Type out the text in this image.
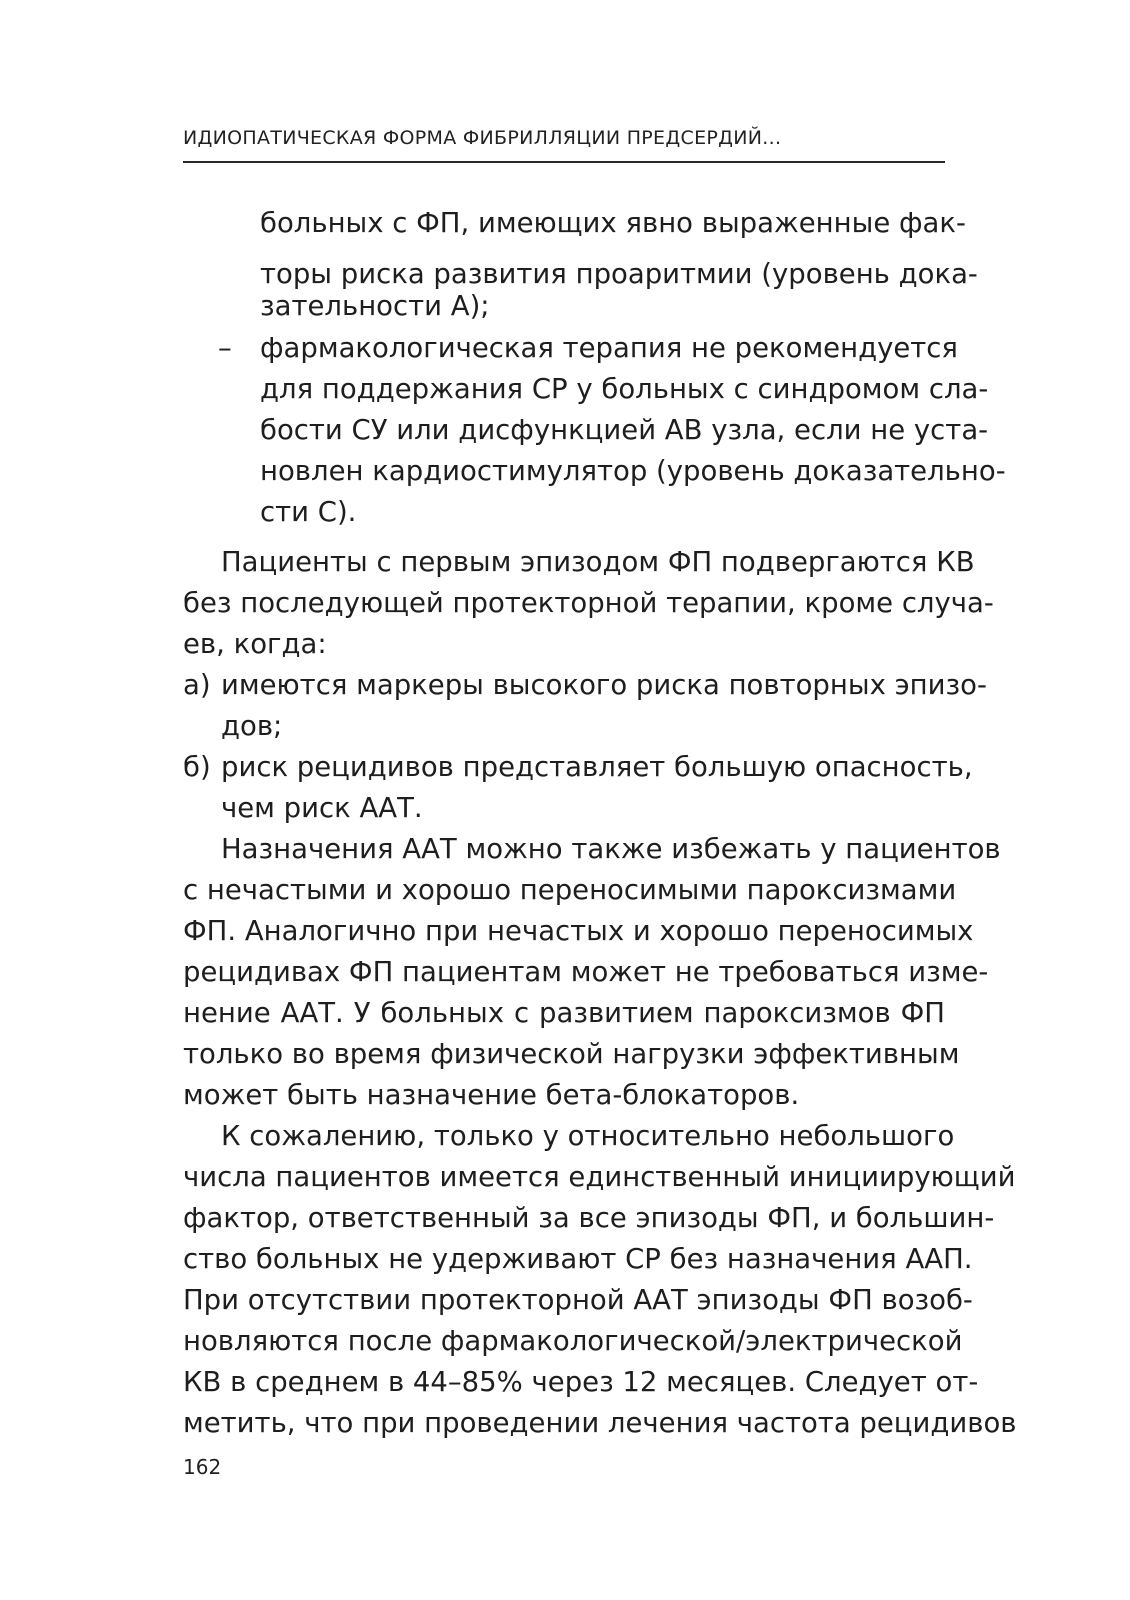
ИДИОПАТИЧЕСКАЯ ФОРМА ФИБРИЛЛЯЦИИ ПРЕДСЕРДИЙ...
больных с ФП, имеющих явно выраженные фак-
торы риска развития проаритмии (уровень дока-
зательности А);
– фармакологическая терапия не рекомендуется
для поддержания СР у больных с синдромом сла-
бости СУ или дисфункцией АВ узла, если не уста-
новлен кардиостимулятор (уровень доказательно-
сти С).
Пациенты с первым эпизодом ФП подвергаются КВ
без последующей протекторной терапии, кроме случа-
ев, когда:
а) имеются маркеры высокого риска повторных эпизо-
дов;
б) риск рецидивов представляет большую опасность,
чем риск ААТ.
Назначения ААТ можно также избежать у пациентов
с нечастыми и хорошо переносимыми пароксизмами
ФП. Аналогично при нечастых и хорошо переносимых
рецидивах ФП пациентам может не требоваться изме-
нение ААТ. У больных с развитием пароксизмов ФП
только во время физической нагрузки эффективным
может быть назначение бета-блокаторов.
К сожалению, только у относительно небольшого
числа пациентов имеется единственный инициирующий
фактор, ответственный за все эпизоды ФП, и большин-
ство больных не удерживают СР без назначения ААП.
При отсутствии протекторной ААТ эпизоды ФП возоб-
новляются после фармакологической/электрической
КВ в среднем в 44–85% через 12 месяцев. Следует от-
метить, что при проведении лечения частота рецидивов
162
